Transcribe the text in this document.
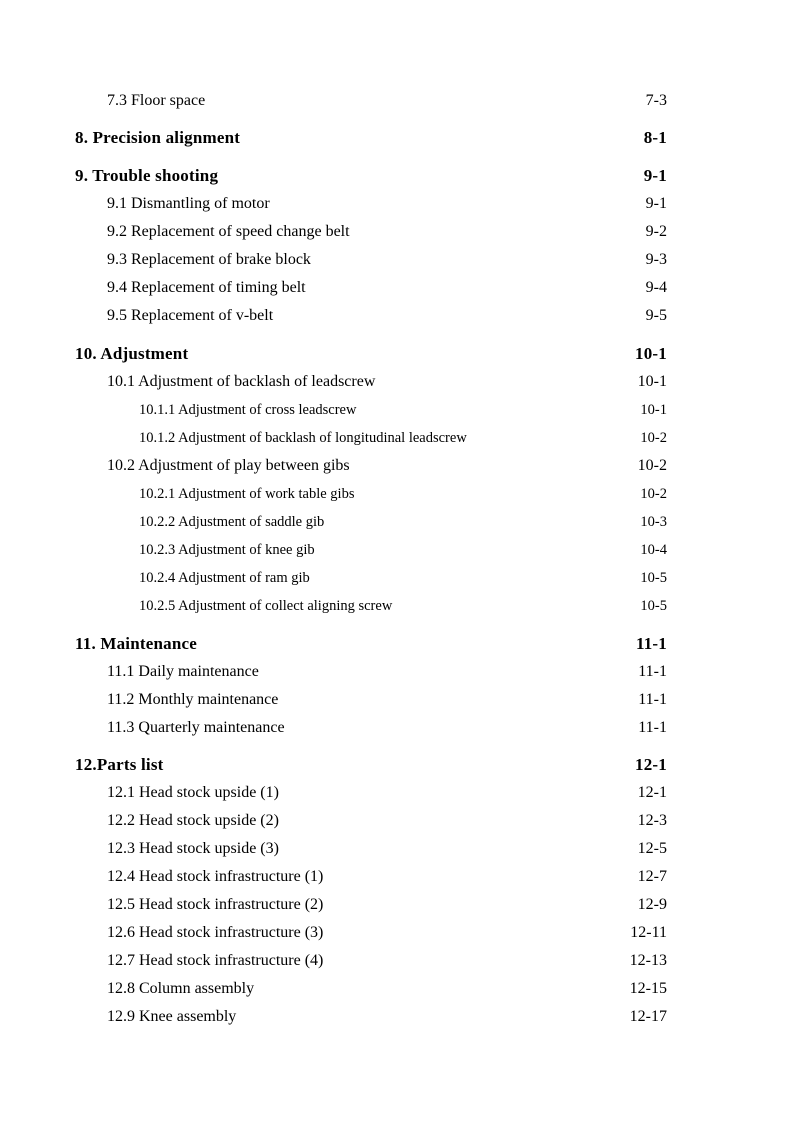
7.3 Floor space	7-3
8. Precision alignment	8-1
9. Trouble shooting	9-1
9.1 Dismantling of motor	9-1
9.2 Replacement of speed change belt	9-2
9.3 Replacement of brake block	9-3
9.4 Replacement of timing belt	9-4
9.5 Replacement of v-belt	9-5
10. Adjustment	10-1
10.1 Adjustment of backlash of leadscrew	10-1
10.1.1 Adjustment of cross leadscrew	10-1
10.1.2 Adjustment of backlash of longitudinal leadscrew	10-2
10.2 Adjustment of play between gibs	10-2
10.2.1 Adjustment of work table gibs	10-2
10.2.2 Adjustment of saddle gib	10-3
10.2.3 Adjustment of knee gib	10-4
10.2.4 Adjustment of ram gib	10-5
10.2.5 Adjustment of collect aligning screw	10-5
11. Maintenance	11-1
11.1 Daily maintenance	11-1
11.2 Monthly maintenance	11-1
11.3 Quarterly maintenance	11-1
12.Parts list	12-1
12.1 Head stock upside (1)	12-1
12.2 Head stock upside (2)	12-3
12.3 Head stock upside (3)	12-5
12.4 Head stock infrastructure (1)	12-7
12.5 Head stock infrastructure (2)	12-9
12.6 Head stock infrastructure (3)	12-11
12.7 Head stock infrastructure (4)	12-13
12.8 Column assembly	12-15
12.9 Knee assembly	12-17
